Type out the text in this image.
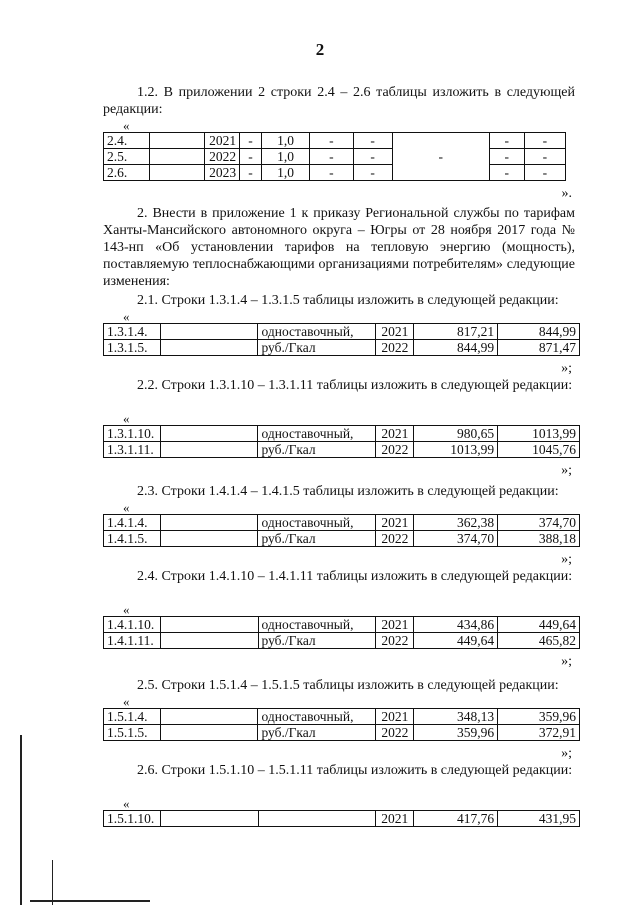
2
1.2. В приложении 2 строки 2.4 – 2.6 таблицы изложить в следующей редакции:
«
2.4.		2021	-	1,0	-	-	-	-	-
2.5.		2022	-	1,0	-	-		-	-
2.6.		2023	-	1,0	-	-		-	-
».
2. Внести в приложение 1 к приказу Региональной службы по тарифам Ханты-Мансийского автономного округа – Югры от 28 ноября 2017 года № 143-нп «Об установлении тарифов на тепловую энергию (мощность), поставляемую теплоснабжающими организациями потребителям» следующие изменения:
2.1. Строки 1.3.1.4 – 1.3.1.5 таблицы изложить в следующей редакции:
«
1.3.1.4.		одноставочный,	2021	817,21	844,99
1.3.1.5.		руб./Гкал	2022	844,99	871,47
»;
2.2. Строки 1.3.1.10 – 1.3.1.11 таблицы изложить в следующей редакции:
«
1.3.1.10.		одноставочный,	2021	980,65	1013,99
1.3.1.11.		руб./Гкал	2022	1013,99	1045,76
»;
2.3. Строки 1.4.1.4 – 1.4.1.5 таблицы изложить в следующей редакции:
«
1.4.1.4.		одноставочный,	2021	362,38	374,70
1.4.1.5.		руб./Гкал	2022	374,70	388,18
»;
2.4. Строки 1.4.1.10 – 1.4.1.11 таблицы изложить в следующей редакции:
«
1.4.1.10.		одноставочный,	2021	434,86	449,64
1.4.1.11.		руб./Гкал	2022	449,64	465,82
»;
2.5. Строки 1.5.1.4 – 1.5.1.5 таблицы изложить в следующей редакции:
«
1.5.1.4.		одноставочный,	2021	348,13	359,96
1.5.1.5.		руб./Гкал	2022	359,96	372,91
»;
2.6. Строки 1.5.1.10 – 1.5.1.11 таблицы изложить в следующей редакции:
«
1.5.1.10.			2021	417,76	431,95
